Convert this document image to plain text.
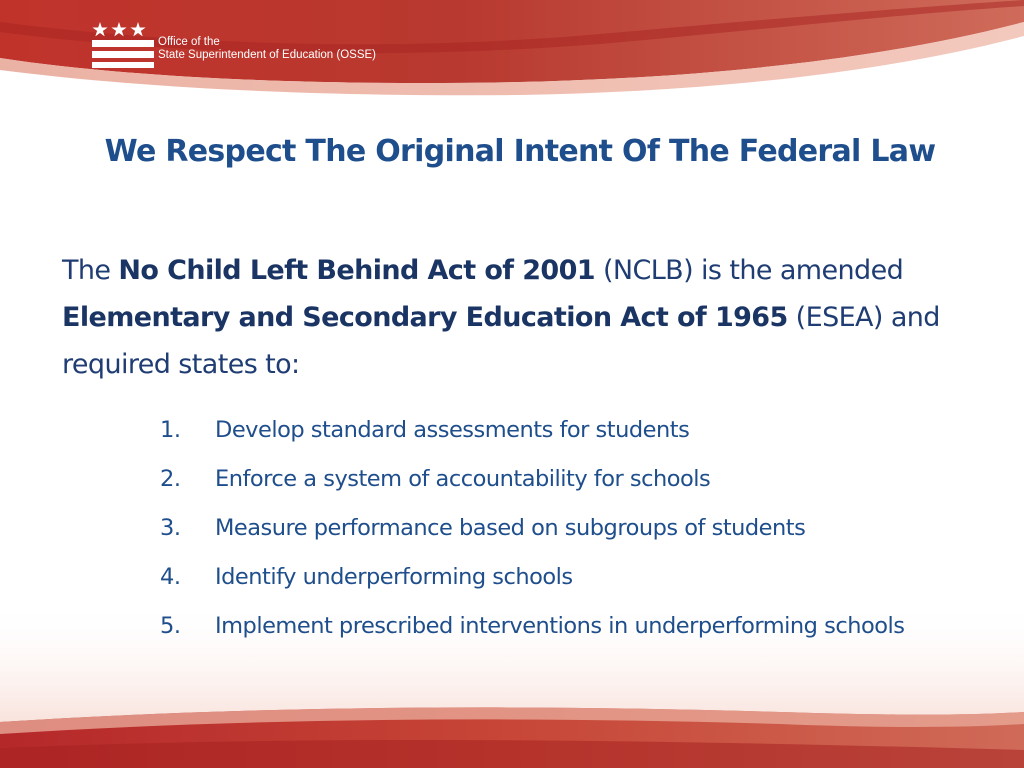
Office of the
State Superintendent of Education (OSSE)
We Respect The Original Intent Of The Federal Law

The No Child Left Behind Act of 2001 (NCLB) is the amended Elementary and Secondary Education Act of 1965 (ESEA) and required states to:

1. Develop standard assessments for students
2. Enforce a system of accountability for schools
3. Measure performance based on subgroups of students
4. Identify underperforming schools
5. Implement prescribed interventions in underperforming schools
